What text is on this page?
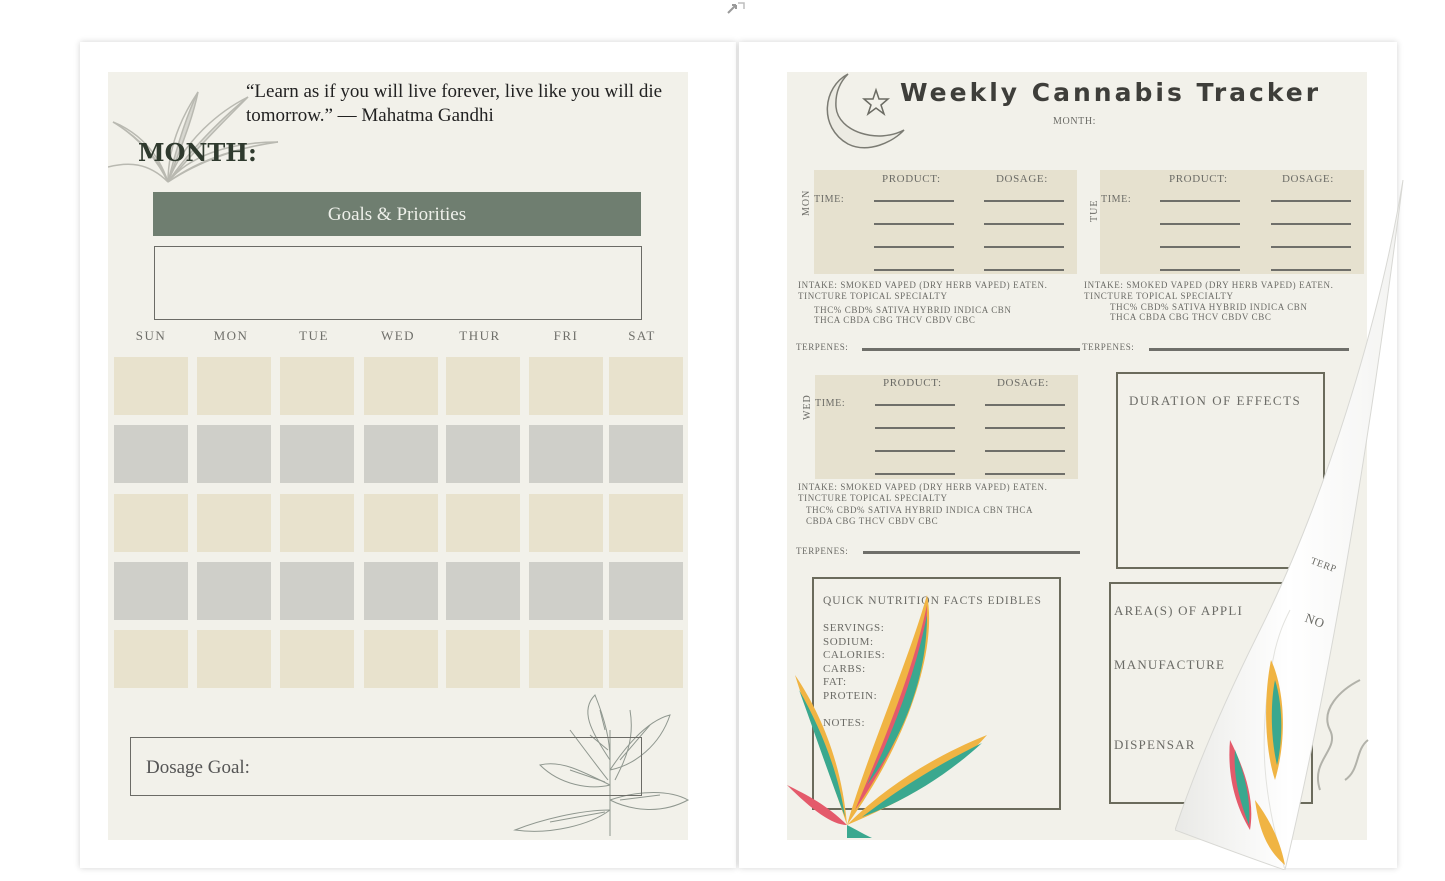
“Learn as if you will live forever, live like you will die tomorrow.” — Mahatma Gandhi
MONTH:
Goals & Priorities
SUN	MON	TUE	WED	THUR	FRI	SAT
Dosage Goal:
Weekly Cannabis Tracker
MONTH:
MON
PRODUCT:	DOSAGE:
TIME:
INTAKE: SMOKED VAPED (DRY HERB VAPED) EATEN.
TINCTURE TOPICAL SPECIALTY
THC% CBD% SATIVA HYBRID INDICA CBN
THCA CBDA CBG THCV CBDV CBC
TERPENES:
TUE
PRODUCT:	DOSAGE:
TIME:
INTAKE: SMOKED VAPED (DRY HERB VAPED) EATEN.
TINCTURE TOPICAL SPECIALTY
THC% CBD% SATIVA HYBRID INDICA CBN
THCA CBDA CBG THCV CBDV CBC
TERPENES:
WED
PRODUCT:	DOSAGE:
TIME:
INTAKE: SMOKED VAPED (DRY HERB VAPED) EATEN.
TINCTURE TOPICAL SPECIALTY
THC% CBD% SATIVA HYBRID INDICA CBN THCA
CBDA CBG THCV CBDV CBC
TERPENES:
DURATION OF EFFECTS
QUICK NUTRITION FACTS EDIBLES
SERVINGS:
SODIUM:
CALORIES:
CARBS:
FAT:
PROTEIN:
NOTES:
AREA(S) OF APPLI
MANUFACTURE
DISPENSAR
TERP
NO
